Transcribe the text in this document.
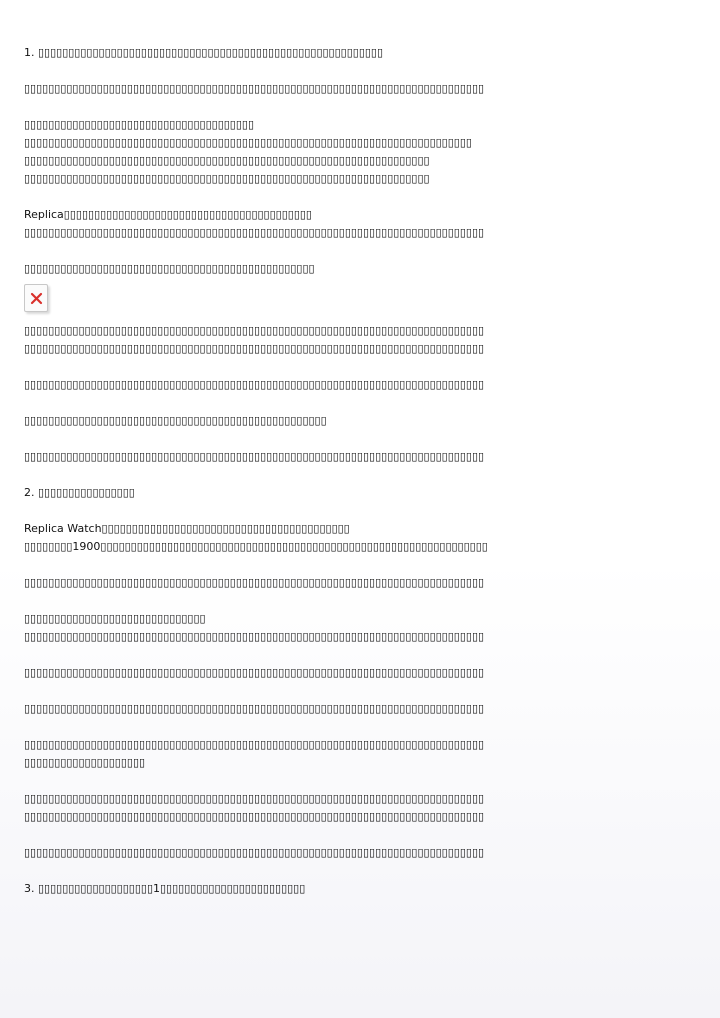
1. ▯▯▯▯▯▯▯▯▯▯▯▯▯▯▯▯▯▯▯▯▯▯▯▯▯▯▯▯▯▯▯▯▯▯▯▯▯▯▯▯▯▯▯▯▯▯▯▯▯▯▯▯▯▯▯▯▯
▯▯▯▯▯▯▯▯▯▯▯▯▯▯▯▯▯▯▯▯▯▯▯▯▯▯▯▯▯▯▯▯▯▯▯▯▯▯▯▯▯▯▯▯▯▯▯▯▯▯▯▯▯▯▯▯▯▯▯▯▯▯▯▯▯▯▯▯▯▯▯▯▯▯▯▯
▯▯▯▯▯▯▯▯▯▯▯▯▯▯▯▯▯▯▯▯▯▯▯▯▯▯▯▯▯▯▯▯▯▯▯▯▯▯
▯▯▯▯▯▯▯▯▯▯▯▯▯▯▯▯▯▯▯▯▯▯▯▯▯▯▯▯▯▯▯▯▯▯▯▯▯▯▯▯▯▯▯▯▯▯▯▯▯▯▯▯▯▯▯▯▯▯▯▯▯▯▯▯▯▯▯▯▯▯▯▯▯▯
▯▯▯▯▯▯▯▯▯▯▯▯▯▯▯▯▯▯▯▯▯▯▯▯▯▯▯▯▯▯▯▯▯▯▯▯▯▯▯▯▯▯▯▯▯▯▯▯▯▯▯▯▯▯▯▯▯▯▯▯▯▯▯▯▯▯▯
▯▯▯▯▯▯▯▯▯▯▯▯▯▯▯▯▯▯▯▯▯▯▯▯▯▯▯▯▯▯▯▯▯▯▯▯▯▯▯▯▯▯▯▯▯▯▯▯▯▯▯▯▯▯▯▯▯▯▯▯▯▯▯▯▯▯▯
Replica▯▯▯▯▯▯▯▯▯▯▯▯▯▯▯▯▯▯▯▯▯▯▯▯▯▯▯▯▯▯▯▯▯▯▯▯▯▯▯▯▯
▯▯▯▯▯▯▯▯▯▯▯▯▯▯▯▯▯▯▯▯▯▯▯▯▯▯▯▯▯▯▯▯▯▯▯▯▯▯▯▯▯▯▯▯▯▯▯▯▯▯▯▯▯▯▯▯▯▯▯▯▯▯▯▯▯▯▯▯▯▯▯▯▯▯▯▯
▯▯▯▯▯▯▯▯▯▯▯▯▯▯▯▯▯▯▯▯▯▯▯▯▯▯▯▯▯▯▯▯▯▯▯▯▯▯▯▯▯▯▯▯▯▯▯▯
▯▯▯▯▯▯▯▯▯▯▯▯▯▯▯▯▯▯▯▯▯▯▯▯▯▯▯▯▯▯▯▯▯▯▯▯▯▯▯▯▯▯▯▯▯▯▯▯▯▯▯▯▯▯▯▯▯▯▯▯▯▯▯▯▯▯▯▯▯▯▯▯▯▯▯▯
▯▯▯▯▯▯▯▯▯▯▯▯▯▯▯▯▯▯▯▯▯▯▯▯▯▯▯▯▯▯▯▯▯▯▯▯▯▯▯▯▯▯▯▯▯▯▯▯▯▯▯▯▯▯▯▯▯▯▯▯▯▯▯▯▯▯▯▯▯▯▯▯▯▯▯▯
▯▯▯▯▯▯▯▯▯▯▯▯▯▯▯▯▯▯▯▯▯▯▯▯▯▯▯▯▯▯▯▯▯▯▯▯▯▯▯▯▯▯▯▯▯▯▯▯▯▯▯▯▯▯▯▯▯▯▯▯▯▯▯▯▯▯▯▯▯▯▯▯▯▯▯▯
▯▯▯▯▯▯▯▯▯▯▯▯▯▯▯▯▯▯▯▯▯▯▯▯▯▯▯▯▯▯▯▯▯▯▯▯▯▯▯▯▯▯▯▯▯▯▯▯▯▯
▯▯▯▯▯▯▯▯▯▯▯▯▯▯▯▯▯▯▯▯▯▯▯▯▯▯▯▯▯▯▯▯▯▯▯▯▯▯▯▯▯▯▯▯▯▯▯▯▯▯▯▯▯▯▯▯▯▯▯▯▯▯▯▯▯▯▯▯▯▯▯▯▯▯▯▯
2. ▯▯▯▯▯▯▯▯▯▯▯▯▯▯▯▯
Replica Watch▯▯▯▯▯▯▯▯▯▯▯▯▯▯▯▯▯▯▯▯▯▯▯▯▯▯▯▯▯▯▯▯▯▯▯▯▯▯▯▯▯
▯▯▯▯▯▯▯▯1900▯▯▯▯▯▯▯▯▯▯▯▯▯▯▯▯▯▯▯▯▯▯▯▯▯▯▯▯▯▯▯▯▯▯▯▯▯▯▯▯▯▯▯▯▯▯▯▯▯▯▯▯▯▯▯▯▯▯▯▯▯▯▯▯
▯▯▯▯▯▯▯▯▯▯▯▯▯▯▯▯▯▯▯▯▯▯▯▯▯▯▯▯▯▯▯▯▯▯▯▯▯▯▯▯▯▯▯▯▯▯▯▯▯▯▯▯▯▯▯▯▯▯▯▯▯▯▯▯▯▯▯▯▯▯▯▯▯▯▯▯
▯▯▯▯▯▯▯▯▯▯▯▯▯▯▯▯▯▯▯▯▯▯▯▯▯▯▯▯▯▯
▯▯▯▯▯▯▯▯▯▯▯▯▯▯▯▯▯▯▯▯▯▯▯▯▯▯▯▯▯▯▯▯▯▯▯▯▯▯▯▯▯▯▯▯▯▯▯▯▯▯▯▯▯▯▯▯▯▯▯▯▯▯▯▯▯▯▯▯▯▯▯▯▯▯▯▯
▯▯▯▯▯▯▯▯▯▯▯▯▯▯▯▯▯▯▯▯▯▯▯▯▯▯▯▯▯▯▯▯▯▯▯▯▯▯▯▯▯▯▯▯▯▯▯▯▯▯▯▯▯▯▯▯▯▯▯▯▯▯▯▯▯▯▯▯▯▯▯▯▯▯▯▯
▯▯▯▯▯▯▯▯▯▯▯▯▯▯▯▯▯▯▯▯▯▯▯▯▯▯▯▯▯▯▯▯▯▯▯▯▯▯▯▯▯▯▯▯▯▯▯▯▯▯▯▯▯▯▯▯▯▯▯▯▯▯▯▯▯▯▯▯▯▯▯▯▯▯▯▯
▯▯▯▯▯▯▯▯▯▯▯▯▯▯▯▯▯▯▯▯▯▯▯▯▯▯▯▯▯▯▯▯▯▯▯▯▯▯▯▯▯▯▯▯▯▯▯▯▯▯▯▯▯▯▯▯▯▯▯▯▯▯▯▯▯▯▯▯▯▯▯▯▯▯▯▯
▯▯▯▯▯▯▯▯▯▯▯▯▯▯▯▯▯▯▯▯
▯▯▯▯▯▯▯▯▯▯▯▯▯▯▯▯▯▯▯▯▯▯▯▯▯▯▯▯▯▯▯▯▯▯▯▯▯▯▯▯▯▯▯▯▯▯▯▯▯▯▯▯▯▯▯▯▯▯▯▯▯▯▯▯▯▯▯▯▯▯▯▯▯▯▯▯
▯▯▯▯▯▯▯▯▯▯▯▯▯▯▯▯▯▯▯▯▯▯▯▯▯▯▯▯▯▯▯▯▯▯▯▯▯▯▯▯▯▯▯▯▯▯▯▯▯▯▯▯▯▯▯▯▯▯▯▯▯▯▯▯▯▯▯▯▯▯▯▯▯▯▯▯
▯▯▯▯▯▯▯▯▯▯▯▯▯▯▯▯▯▯▯▯▯▯▯▯▯▯▯▯▯▯▯▯▯▯▯▯▯▯▯▯▯▯▯▯▯▯▯▯▯▯▯▯▯▯▯▯▯▯▯▯▯▯▯▯▯▯▯▯▯▯▯▯▯▯▯▯
3. ▯▯▯▯▯▯▯▯▯▯▯▯▯▯▯▯▯▯▯1▯▯▯▯▯▯▯▯▯▯▯▯▯▯▯▯▯▯▯▯▯▯▯▯
